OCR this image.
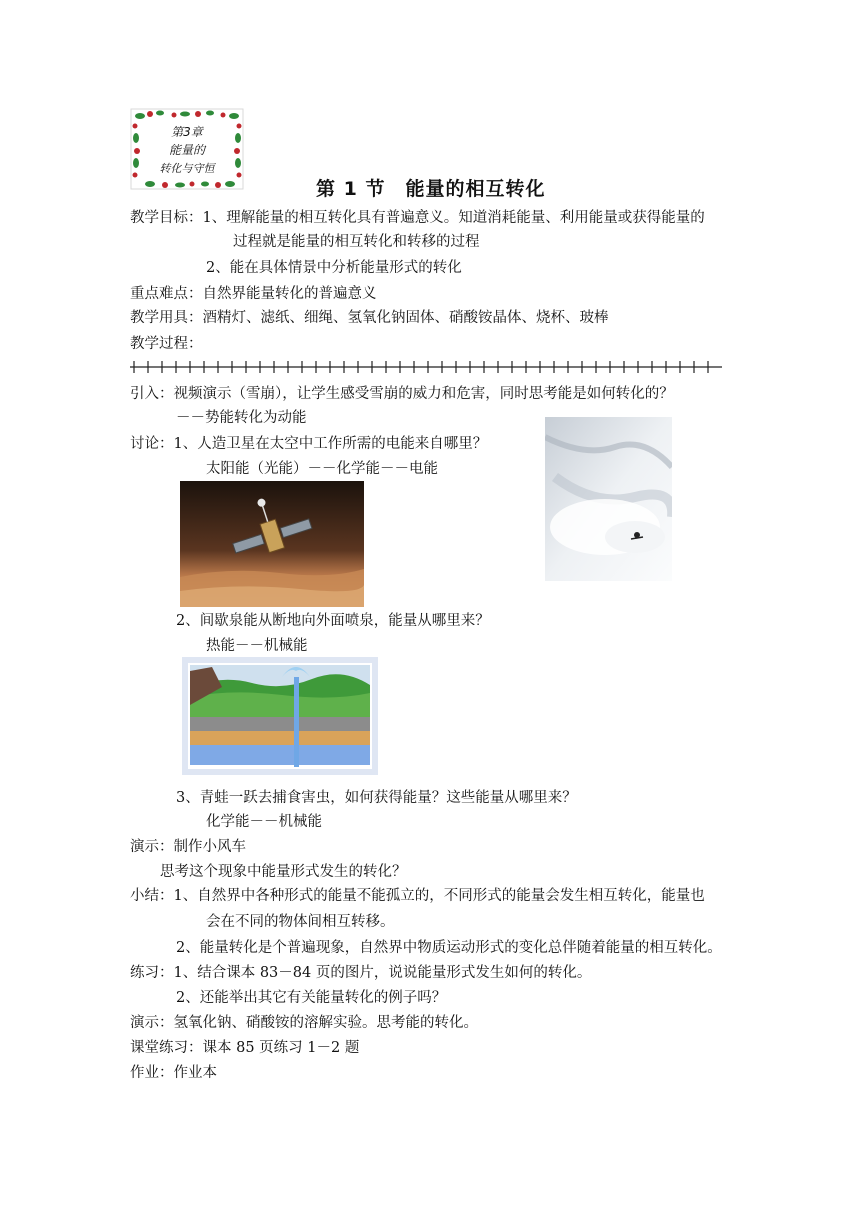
第3章
能量的
转化与守恒
第 1 节　能量的相互转化
教学目标：1、理解能量的相互转化具有普遍意义。知道消耗能量、利用能量或获得能量的
过程就是能量的相互转化和转移的过程
2、能在具体情景中分析能量形式的转化
重点难点：自然界能量转化的普遍意义
教学用具：酒精灯、滤纸、细绳、氢氧化钠固体、硝酸铵晶体、烧杯、玻棒
教学过程：
引入：视频演示（雪崩），让学生感受雪崩的威力和危害，同时思考能是如何转化的？
－－势能转化为动能
讨论：1、人造卫星在太空中工作所需的电能来自哪里？
太阳能（光能）－－化学能－－电能
2、间歇泉能从断地向外面喷泉，能量从哪里来？
热能－－机械能
3、青蛙一跃去捕食害虫，如何获得能量？这些能量从哪里来？
化学能－－机械能
演示：制作小风车
思考这个现象中能量形式发生的转化？
小结：1、自然界中各种形式的能量不能孤立的，不同形式的能量会发生相互转化，能量也
会在不同的物体间相互转移。
2、能量转化是个普遍现象，自然界中物质运动形式的变化总伴随着能量的相互转化。
练习：1、结合课本 83－84 页的图片，说说能量形式发生如何的转化。
2、还能举出其它有关能量转化的例子吗？
演示：氢氧化钠、硝酸铵的溶解实验。思考能的转化。
课堂练习：课本 85 页练习 1－2 题
作业：作业本
